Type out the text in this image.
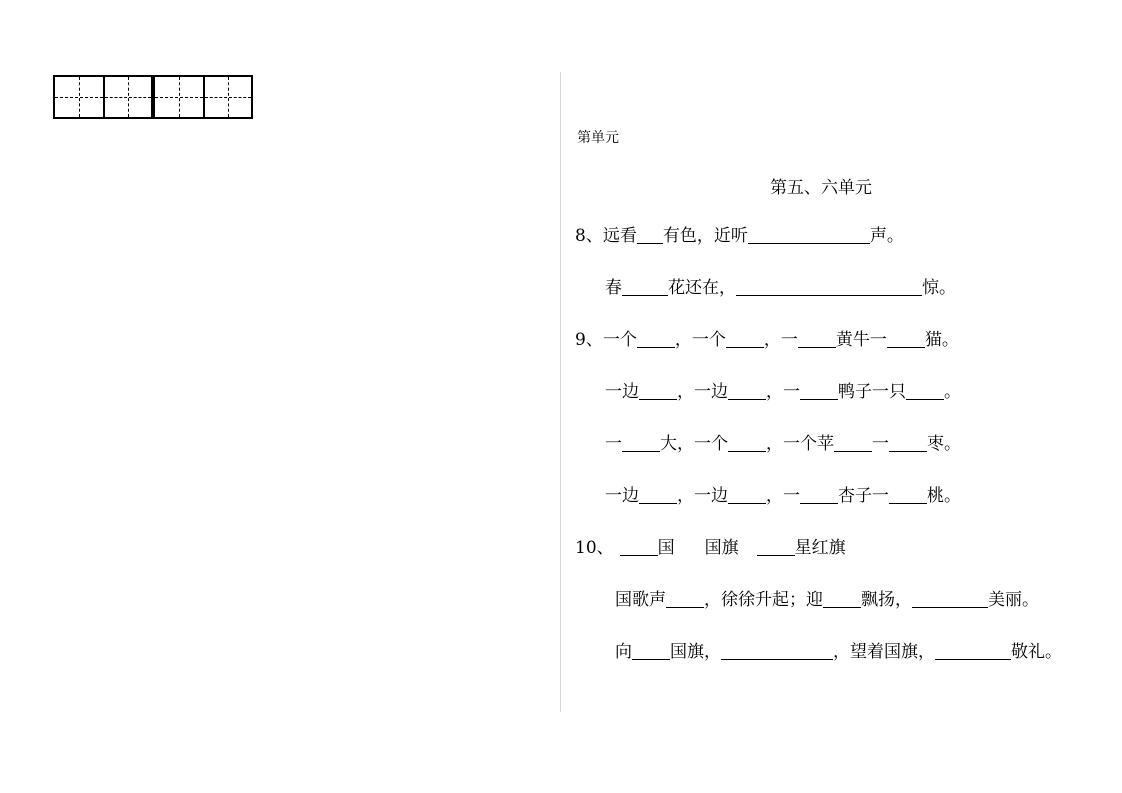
第单元

第五、六单元
8、远看 有色，近听	声。
春	花还在，	惊。
9、一个 ，一个 ，一 黄牛一 猫。
一边 ，一边 ，一 鸭子一只 。
一 大，一个 ，一个苹 一 枣。
一边 ，一边 ，一 杏子一 桃。
10、	国 国旗	星红旗
国歌声 ，徐徐升起；迎 飘扬，	美丽。
向 国旗，	，望着国旗，	敬礼。
